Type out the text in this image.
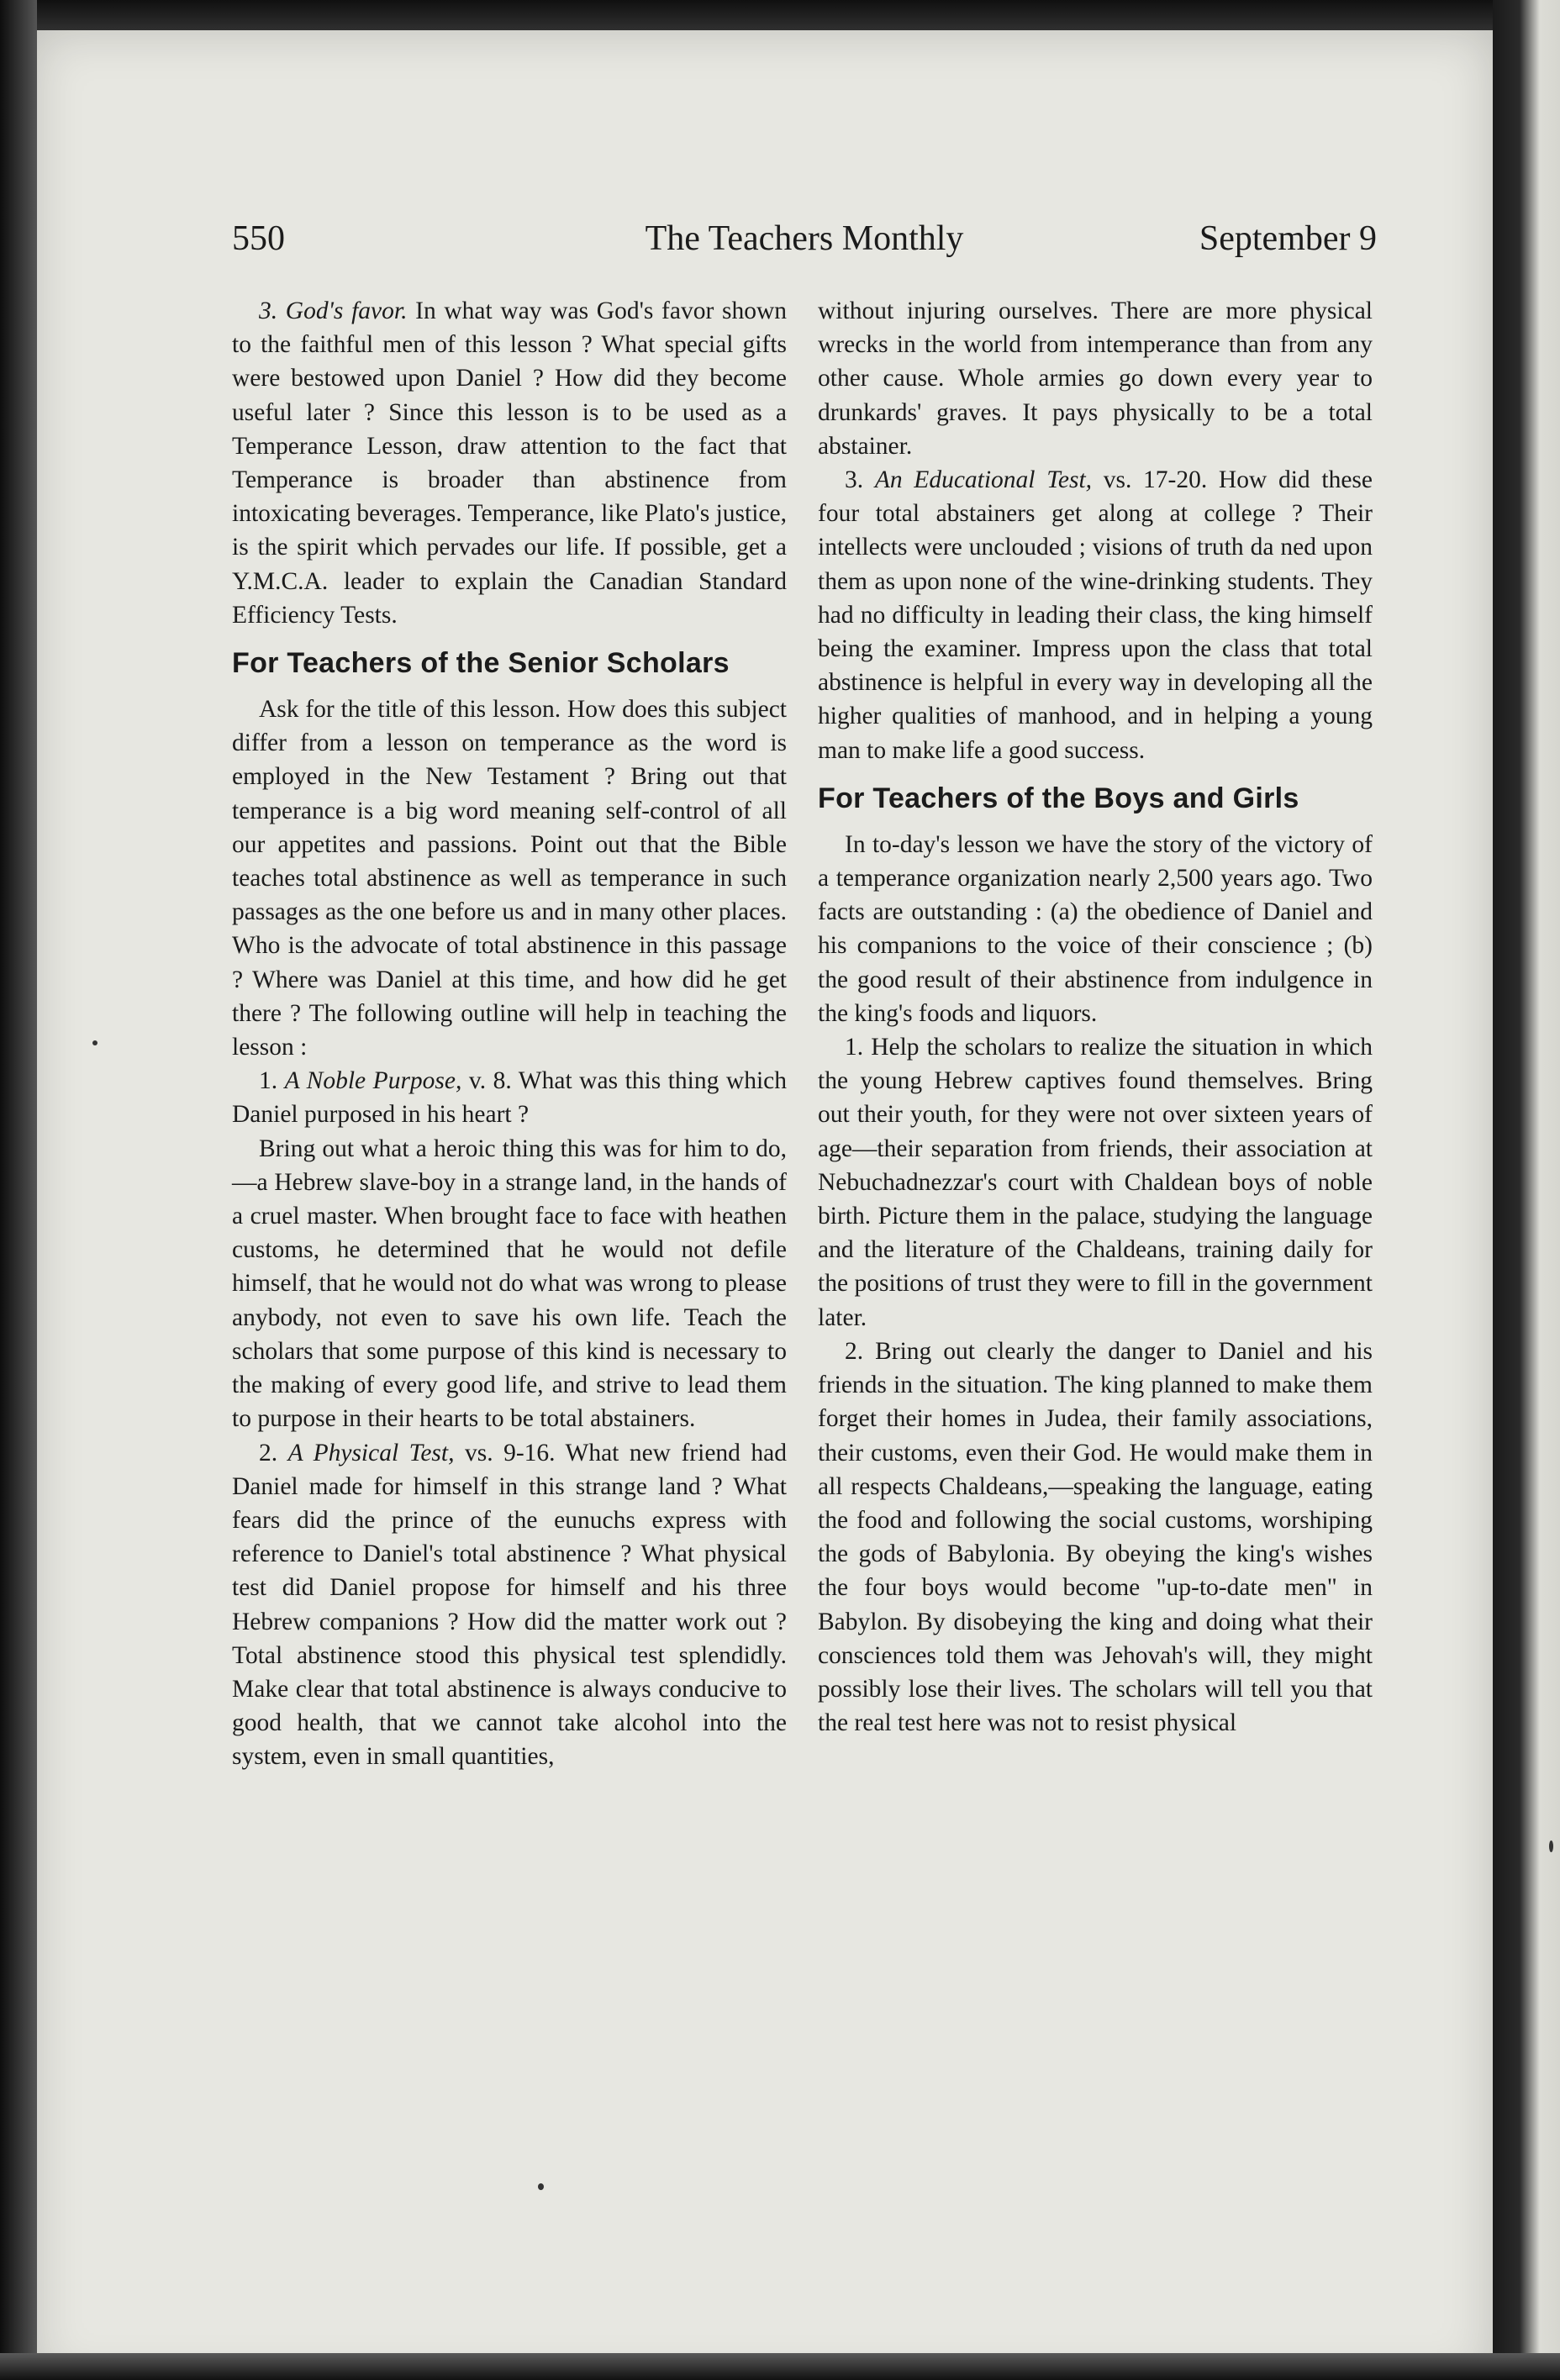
550	The Teachers Monthly	September 9

3. God's favor. In what way was God's favor shown to the faithful men of this lesson ? What special gifts were bestowed upon Daniel ? How did they become useful later ? Since this lesson is to be used as a Temperance Lesson, draw attention to the fact that Temperance is broader than abstinence from intoxicating beverages. Temperance, like Plato's justice, is the spirit which pervades our life. If possible, get a Y.M.C.A. leader to explain the Canadian Standard Efficiency Tests.

For Teachers of the Senior Scholars

Ask for the title of this lesson. How does this subject differ from a lesson on temperance as the word is employed in the New Testament ? Bring out that temperance is a big word meaning self-control of all our appetites and passions. Point out that the Bible teaches total abstinence as well as temperance in such passages as the one before us and in many other places. Who is the advocate of total abstinence in this passage ? Where was Daniel at this time, and how did he get there ? The following outline will help in teaching the lesson :

1. A Noble Purpose, v. 8. What was this thing which Daniel purposed in his heart ?

Bring out what a heroic thing this was for him to do,—a Hebrew slave-boy in a strange land, in the hands of a cruel master. When brought face to face with heathen customs, he determined that he would not defile himself, that he would not do what was wrong to please anybody, not even to save his own life. Teach the scholars that some purpose of this kind is necessary to the making of every good life, and strive to lead them to purpose in their hearts to be total abstainers.

2. A Physical Test, vs. 9-16. What new friend had Daniel made for himself in this strange land ? What fears did the prince of the eunuchs express with reference to Daniel's total abstinence ? What physical test did Daniel propose for himself and his three Hebrew companions ? How did the matter work out ? Total abstinence stood this physical test splendidly. Make clear that total abstinence is always conducive to good health, that we cannot take alcohol into the system, even in small quantities,

without injuring ourselves. There are more physical wrecks in the world from intemperance than from any other cause. Whole armies go down every year to drunkards' graves. It pays physically to be a total abstainer.

3. An Educational Test, vs. 17-20. How did these four total abstainers get along at college ? Their intellects were unclouded ; visions of truth da ned upon them as upon none of the wine-drinking students. They had no difficulty in leading their class, the king himself being the examiner. Impress upon the class that total abstinence is helpful in every way in developing all the higher qualities of manhood, and in helping a young man to make life a good success.

For Teachers of the Boys and Girls

In to-day's lesson we have the story of the victory of a temperance organization nearly 2,500 years ago. Two facts are outstanding : (a) the obedience of Daniel and his companions to the voice of their conscience ; (b) the good result of their abstinence from indulgence in the king's foods and liquors.

1. Help the scholars to realize the situation in which the young Hebrew captives found themselves. Bring out their youth, for they were not over sixteen years of age—their separation from friends, their association at Nebuchadnezzar's court with Chaldean boys of noble birth. Picture them in the palace, studying the language and the literature of the Chaldeans, training daily for the positions of trust they were to fill in the government later.

2. Bring out clearly the danger to Daniel and his friends in the situation. The king planned to make them forget their homes in Judea, their family associations, their customs, even their God. He would make them in all respects Chaldeans,—speaking the language, eating the food and following the social customs, worshiping the gods of Babylonia. By obeying the king's wishes the four boys would become "up-to-date men" in Babylon. By disobeying the king and doing what their consciences told them was Jehovah's will, they might possibly lose their lives. The scholars will tell you that the real test here was not to resist physical
